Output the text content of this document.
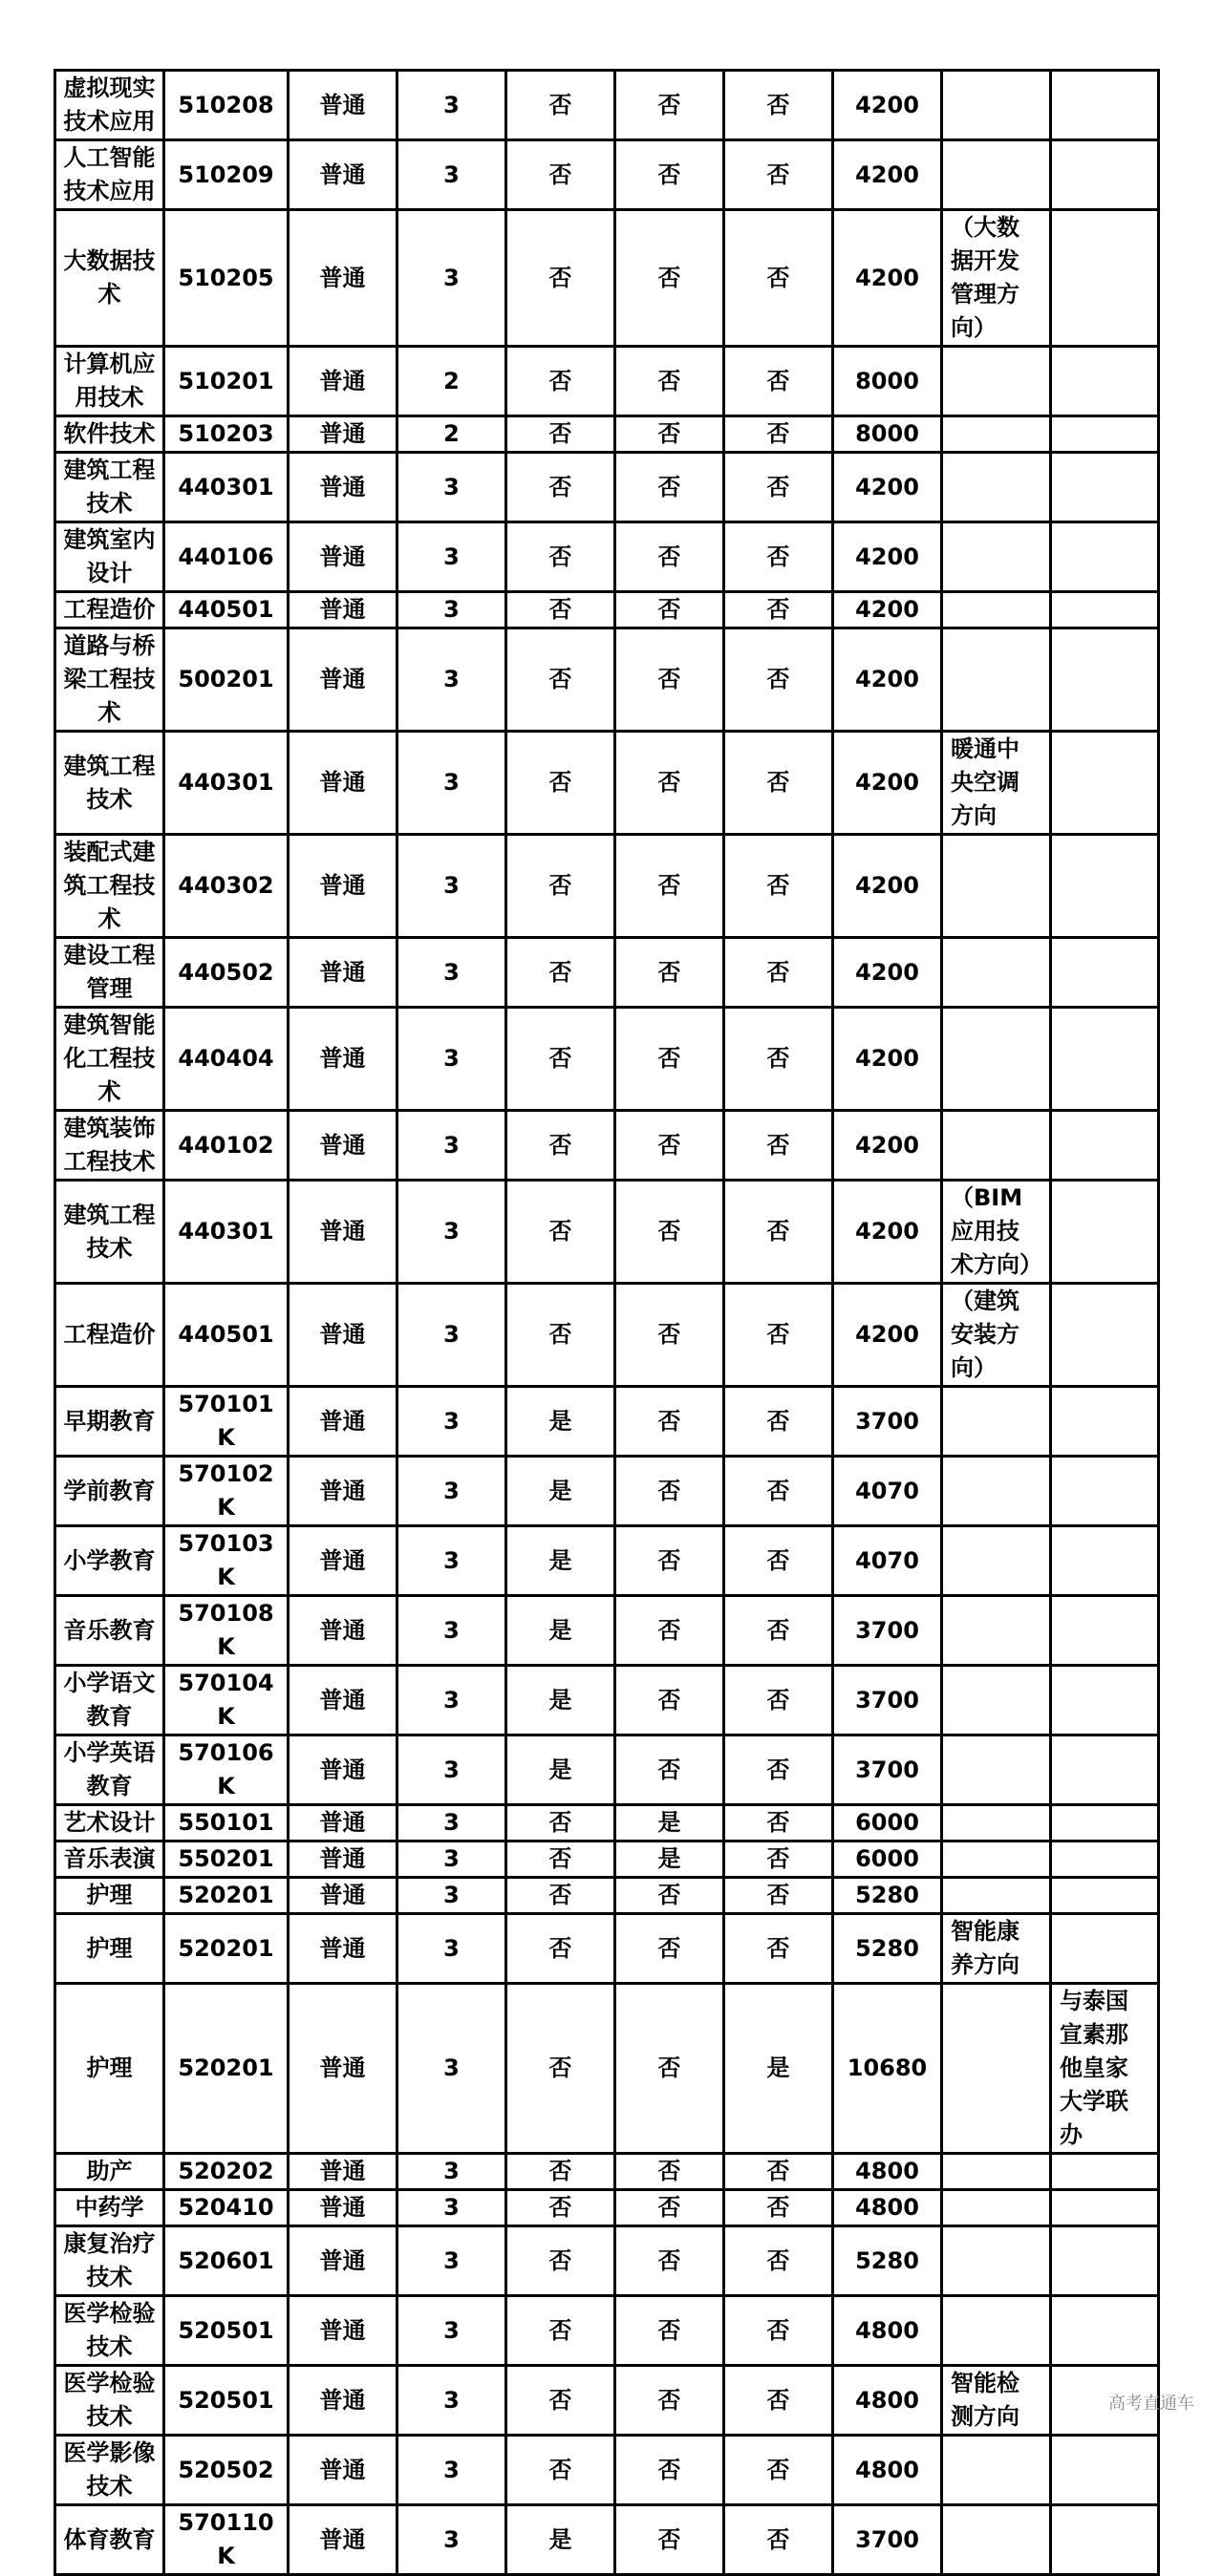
虚拟现实技术应用	510208	普通	3	否	否	否	4200		
人工智能技术应用	510209	普通	3	否	否	否	4200		
大数据技术	510205	普通	3	否	否	否	4200	（大数据开发管理方向）	
计算机应用技术	510201	普通	2	否	否	否	8000		
软件技术	510203	普通	2	否	否	否	8000		
建筑工程技术	440301	普通	3	否	否	否	4200		
建筑室内设计	440106	普通	3	否	否	否	4200		
工程造价	440501	普通	3	否	否	否	4200		
道路与桥梁工程技术	500201	普通	3	否	否	否	4200		
建筑工程技术	440301	普通	3	否	否	否	4200	暖通中央空调方向	
装配式建筑工程技术	440302	普通	3	否	否	否	4200		
建设工程管理	440502	普通	3	否	否	否	4200		
建筑智能化工程技术	440404	普通	3	否	否	否	4200		
建筑装饰工程技术	440102	普通	3	否	否	否	4200		
建筑工程技术	440301	普通	3	否	否	否	4200	（BIM应用技术方向）	
工程造价	440501	普通	3	否	否	否	4200	（建筑安装方向）	
早期教育	570101K	普通	3	是	否	否	3700		
学前教育	570102K	普通	3	是	否	否	4070		
小学教育	570103K	普通	3	是	否	否	4070		
音乐教育	570108K	普通	3	是	否	否	3700		
小学语文教育	570104K	普通	3	是	否	否	3700		
小学英语教育	570106K	普通	3	是	否	否	3700		
艺术设计	550101	普通	3	否	是	否	6000		
音乐表演	550201	普通	3	否	是	否	6000		
护理	520201	普通	3	否	否	否	5280		
护理	520201	普通	3	否	否	否	5280	智能康养方向	
护理	520201	普通	3	否	否	是	10680		与泰国宣素那他皇家大学联办
助产	520202	普通	3	否	否	否	4800		
中药学	520410	普通	3	否	否	否	4800		
康复治疗技术	520601	普通	3	否	否	否	5280		
医学检验技术	520501	普通	3	否	否	否	4800		
医学检验技术	520501	普通	3	否	否	否	4800	智能检测方向	
医学影像技术	520502	普通	3	否	否	否	4800		
体育教育	570110K	普通	3	是	否	否	3700		
高考直通车
